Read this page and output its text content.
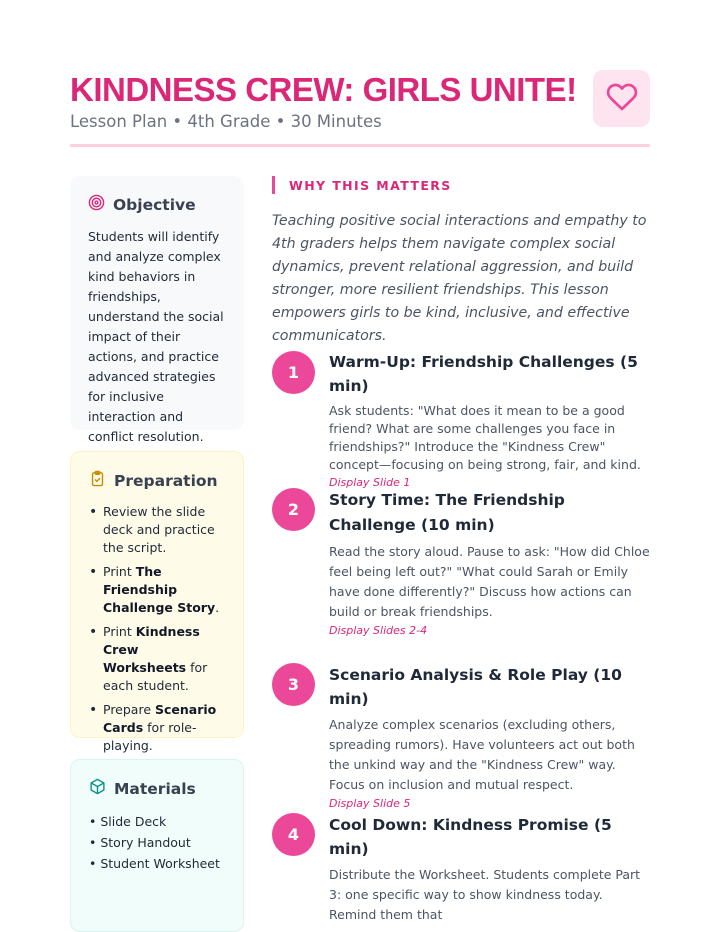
KINDNESS CREW: GIRLS UNITE!
Lesson Plan • 4th Grade • 30 Minutes
Objective
Students will identify and analyze complex kind behaviors in friendships, understand the social impact of their actions, and practice advanced strategies for inclusive interaction and conflict resolution.
Preparation
• Review the slide deck and practice the script.
• Print The Friendship Challenge Story.
• Print Kindness Crew Worksheets for each student.
• Prepare Scenario Cards for role-playing.
Materials
• Slide Deck
• Story Handout
• Student Worksheet
WHY THIS MATTERS
Teaching positive social interactions and empathy to 4th graders helps them navigate complex social dynamics, prevent relational aggression, and build stronger, more resilient friendships. This lesson empowers girls to be kind, inclusive, and effective communicators.
1
Warm-Up: Friendship Challenges (5 min)
Ask students: "What does it mean to be a good friend? What are some challenges you face in friendships?" Introduce the "Kindness Crew" concept—focusing on being strong, fair, and kind.
Display Slide 1
2	Story Time: The Friendship Challenge (10 min)
Read the story aloud. Pause to ask: "How did Chloe feel being left out?" "What could Sarah or Emily have done differently?" Discuss how actions can build or break friendships.
Display Slides 2-4
3	Scenario Analysis & Role Play (10 min)
Analyze complex scenarios (excluding others, spreading rumors). Have volunteers act out both the unkind way and the "Kindness Crew" way. Focus on inclusion and mutual respect.
Display Slide 5
4	Cool Down: Kindness Promise (5 min)
Distribute the Worksheet. Students complete Part 3: one specific way to show kindness today. Remind them that
